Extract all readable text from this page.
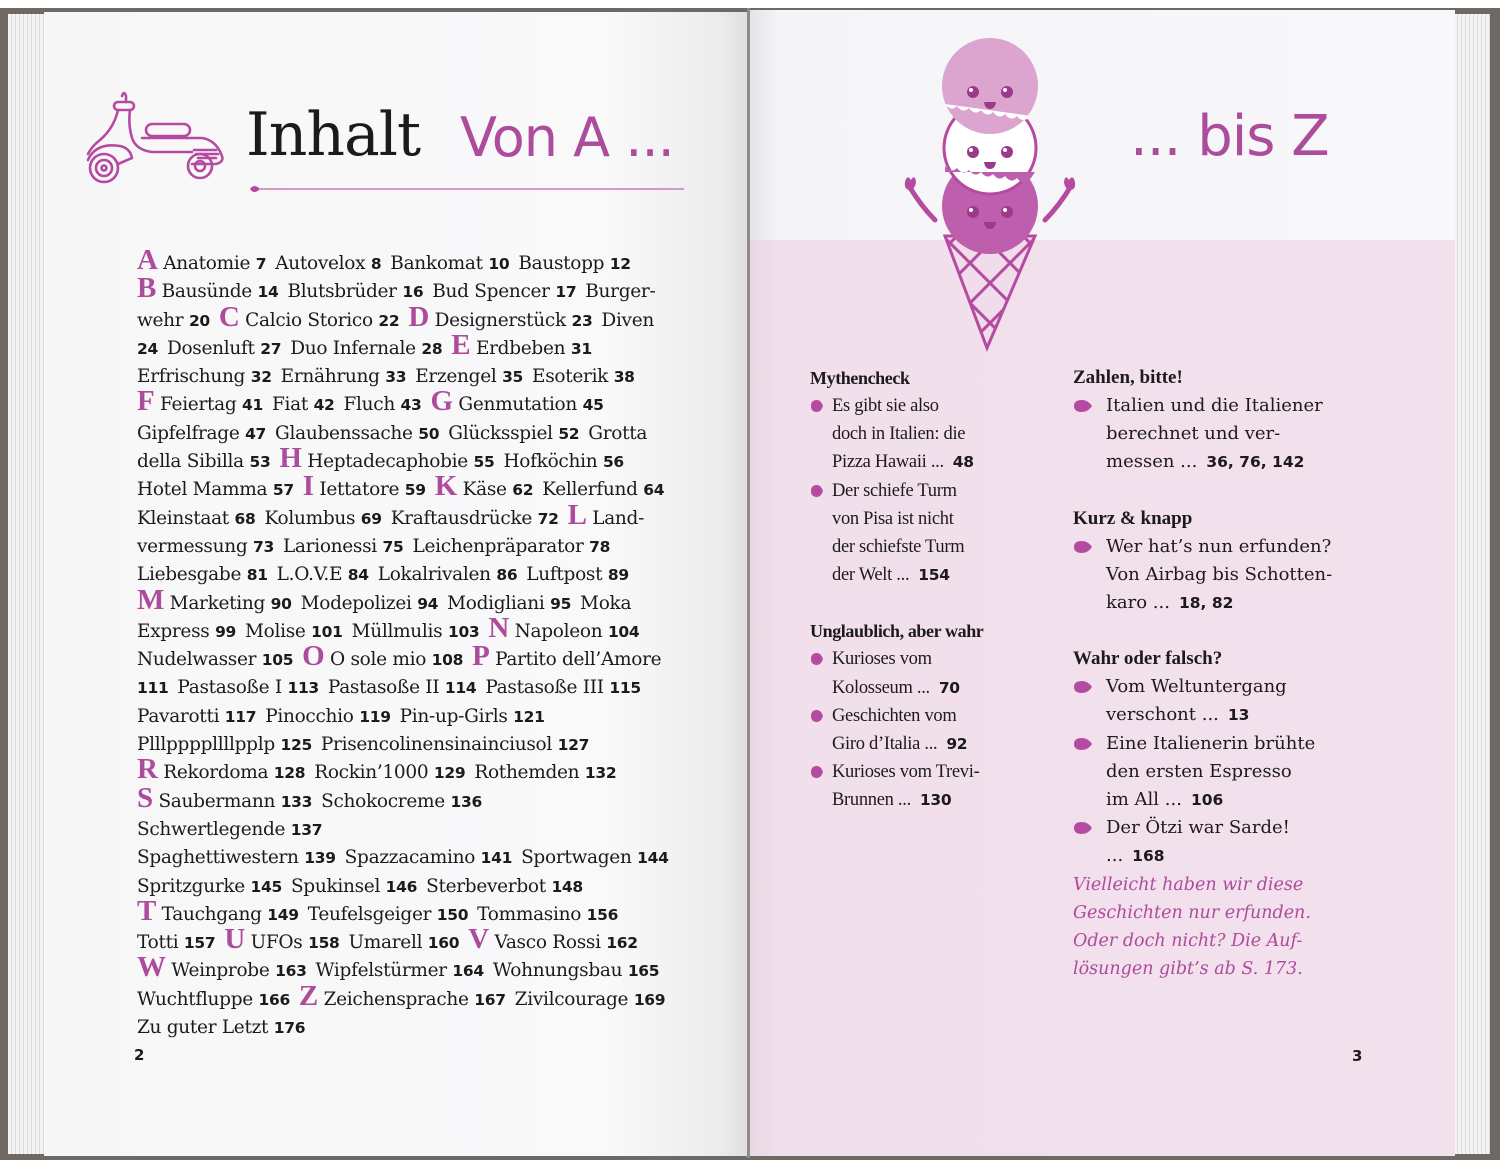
Inhalt Von A ...
A Anatomie 7  Autovelox 8  Bankomat 10  Baustopp 12 
B Bausünde 14  Blutsbrüder 16  Bud Spencer 17  Burger- 
wehr 20  C Calcio Storico 22  D Designerstück 23  Diven 
24  Dosenluft 27  Duo Infernale 28  E Erdbeben 31 
Erfrischung 32  Ernährung 33  Erzengel 35  Esoterik 38 
F Feiertag 41  Fiat 42  Fluch 43  G Genmutation 45 
Gipfelfrage 47  Glaubenssache 50  Glücksspiel 52  Grotta 
della Sibilla 53  H Heptadecaphobie 55  Hofköchin 56 
Hotel Mamma 57  I Iettatore 59  K Käse 62  Kellerfund 64 
Kleinstaat 68  Kolumbus 69  Kraftausdrücke 72  L Land- 
vermessung 73  Larionessi 75  Leichenpräparator 78 
Liebesgabe 81  L.O.V.E 84  Lokalrivalen 86  Luftpost 89 
M Marketing 90  Modepolizei 94  Modigliani 95  Moka 
Express 99  Molise 101  Müllmulis 103  N Napoleon 104 
Nudelwasser 105  O O sole mio 108  P Partito dell’Amore 
111  Pastasoße I 113  Pastasoße II 114  Pastasoße III 115 
Pavarotti 117  Pinocchio 119  Pin-up-Girls 121 
Plllppppllllpplp 125  Prisencolinensinainciusol 127 
R Rekordoma 128  Rockin’1000 129  Rothemden 132 
S Saubermann 133  Schokocreme 136 Schwertlegende 137 
Spaghettiwestern 139  Spazzacamino 141  Sportwagen 144 
Spritzgurke 145  Spukinsel 146  Sterbeverbot 148 
T Tauchgang 149  Teufelsgeiger 150  Tommasino 156 
Totti 157  U UFOs 158  Umarell 160  V Vasco Rossi 162 
W Weinprobe 163  Wipfelstürmer 164  Wohnungsbau 165 
Wuchtfluppe 166  Z Zeichensprache 167  Zivilcourage 169 
Zu guter Letzt 176 
2
... bis Z
Mythencheck
Es gibt sie also
doch in Italien: die
Pizza Hawaii ...  48
Der schiefe Turm
von Pisa ist nicht
der schiefste Turm
der Welt ...  154
Unglaublich, aber wahr
Kurioses vom
Kolosseum ...  70
Geschichten vom
Giro d’Italia ...  92
Kurioses vom Trevi-
Brunnen ...  130
Zahlen, bitte!
Italien und die Italiener
berechnet und ver-
messen ...  36, 76, 142
Kurz & knapp
Wer hat’s nun erfunden?
Von Airbag bis Schotten-
karo ...  18, 82
Wahr oder falsch?
Vom Weltuntergang
verschont ...  13
Eine Italienerin brühte
den ersten Espresso
im All ...  106
Der Ötzi war Sarde!
...  168
Vielleicht haben wir diese
Geschichten nur erfunden.
Oder doch nicht? Die Auf-
lösungen gibt’s ab S. 173.
3
